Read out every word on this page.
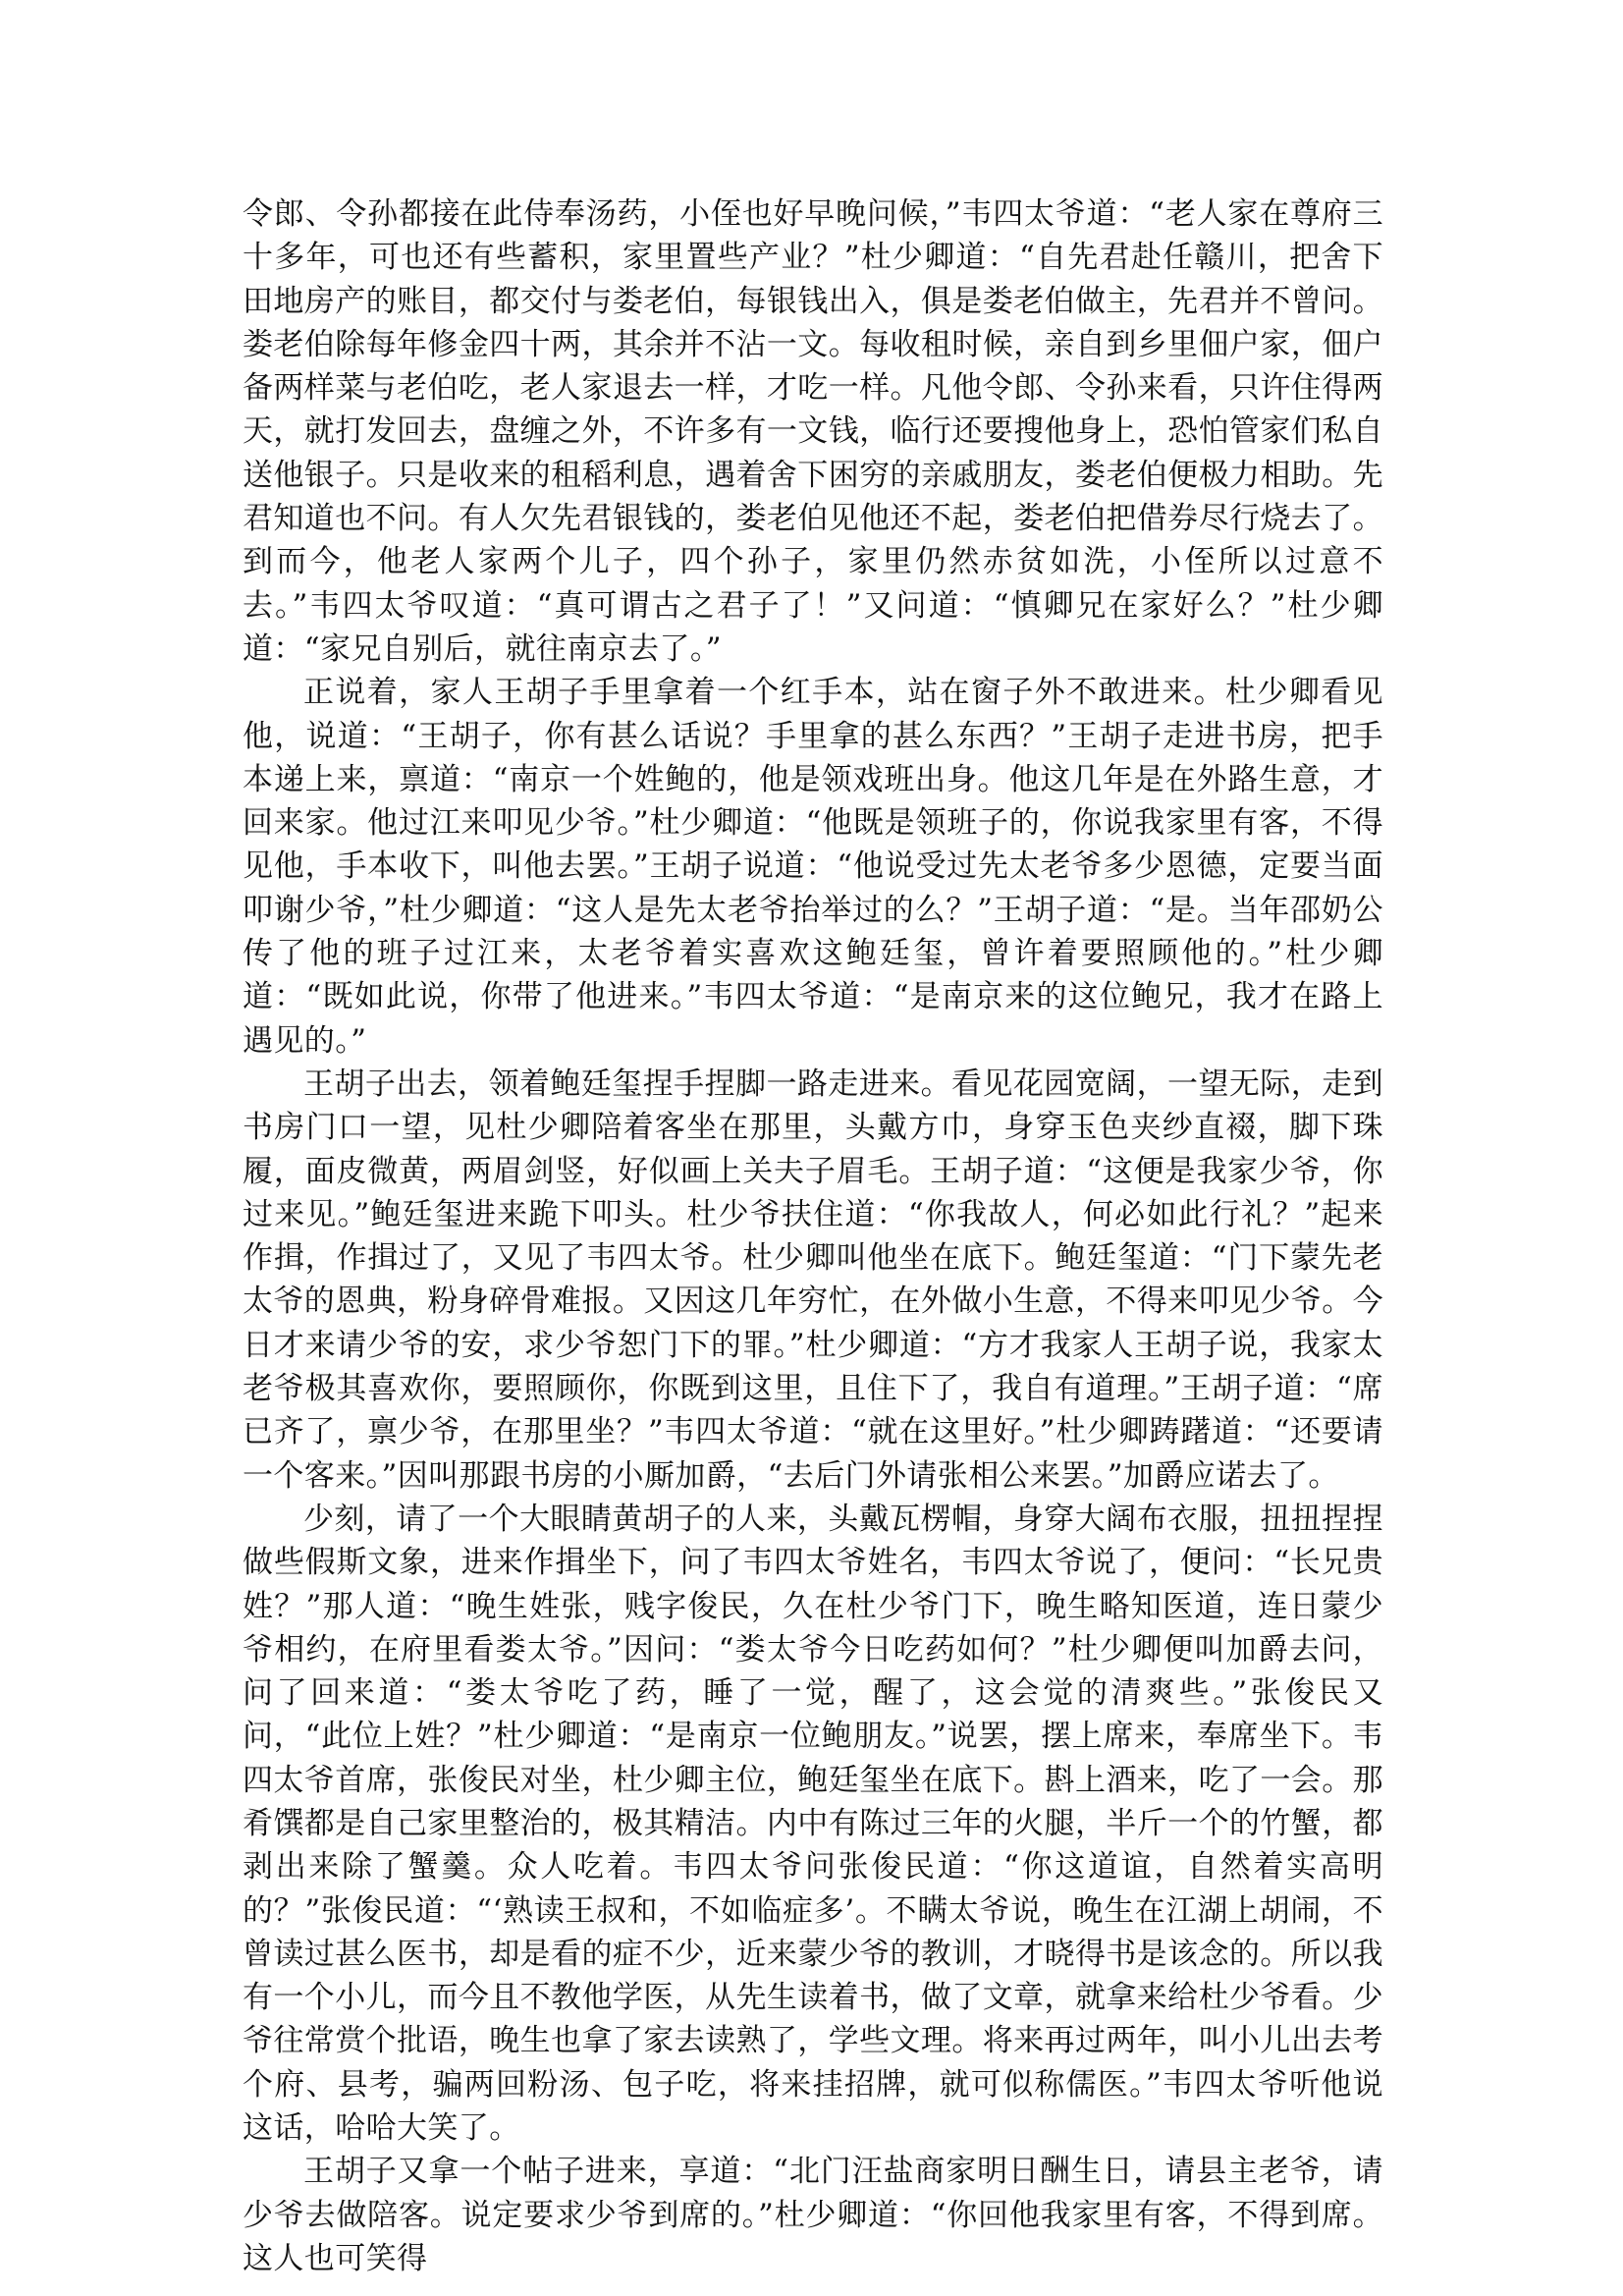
令郎、令孙都接在此侍奉汤药，小侄也好早晚问候，”韦四太爷道：“老人家在尊府三十多年，可也还有些蓄积，家里置些产业？”杜少卿道：“自先君赴任赣川，把舍下田地房产的账目，都交付与娄老伯，每银钱出入，俱是娄老伯做主，先君并不曾问。娄老伯除每年修金四十两，其余并不沾一文。每收租时候，亲自到乡里佃户家，佃户备两样菜与老伯吃，老人家退去一样，才吃一样。凡他令郎、令孙来看，只许住得两天，就打发回去，盘缠之外，不许多有一文钱，临行还要搜他身上，恐怕管家们私自送他银子。只是收来的租稻利息，遇着舍下困穷的亲戚朋友，娄老伯便极力相助。先君知道也不问。有人欠先君银钱的，娄老伯见他还不起，娄老伯把借券尽行烧去了。到而今，他老人家两个儿子，四个孙子，家里仍然赤贫如洗，小侄所以过意不去。”韦四太爷叹道：“真可谓古之君子了！”又问道：“慎卿兄在家好么？”杜少卿道：“家兄自别后，就往南京去了。”

正说着，家人王胡子手里拿着一个红手本，站在窗子外不敢进来。杜少卿看见他，说道：“王胡子，你有甚么话说？手里拿的甚么东西？”王胡子走进书房，把手本递上来，禀道：“南京一个姓鲍的，他是领戏班出身。他这几年是在外路生意，才回来家。他过江来叩见少爷。”杜少卿道：“他既是领班子的，你说我家里有客，不得见他，手本收下，叫他去罢。”王胡子说道：“他说受过先太老爷多少恩德，定要当面叩谢少爷，”杜少卿道：“这人是先太老爷抬举过的么？”王胡子道：“是。当年邵奶公传了他的班子过江来，太老爷着实喜欢这鲍廷玺，曾许着要照顾他的。”杜少卿道：“既如此说，你带了他进来。”韦四太爷道：“是南京来的这位鲍兄，我才在路上遇见的。”

王胡子出去，领着鲍廷玺捏手捏脚一路走进来。看见花园宽阔，一望无际，走到书房门口一望，见杜少卿陪着客坐在那里，头戴方巾，身穿玉色夹纱直裰，脚下珠履，面皮微黄，两眉剑竖，好似画上关夫子眉毛。王胡子道：“这便是我家少爷，你过来见。”鲍廷玺进来跪下叩头。杜少爷扶住道：“你我故人，何必如此行礼？”起来作揖，作揖过了，又见了韦四太爷。杜少卿叫他坐在底下。鲍廷玺道：“门下蒙先老太爷的恩典，粉身碎骨难报。又因这几年穷忙，在外做小生意，不得来叩见少爷。今日才来请少爷的安，求少爷恕门下的罪。”杜少卿道：“方才我家人王胡子说，我家太老爷极其喜欢你，要照顾你，你既到这里，且住下了，我自有道理。”王胡子道：“席已齐了，禀少爷，在那里坐？”韦四太爷道：“就在这里好。”杜少卿踌躇道：“还要请一个客来。”因叫那跟书房的小厮加爵，“去后门外请张相公来罢。”加爵应诺去了。

少刻，请了一个大眼睛黄胡子的人来，头戴瓦楞帽，身穿大阔布衣服，扭扭捏捏做些假斯文象，进来作揖坐下，问了韦四太爷姓名，韦四太爷说了，便问：“长兄贵姓？”那人道：“晚生姓张，贱字俊民，久在杜少爷门下，晚生略知医道，连日蒙少爷相约，在府里看娄太爷。”因问：“娄太爷今日吃药如何？”杜少卿便叫加爵去问，问了回来道：“娄太爷吃了药，睡了一觉，醒了，这会觉的清爽些。”张俊民又问，“此位上姓？”杜少卿道：“是南京一位鲍朋友。”说罢，摆上席来，奉席坐下。韦四太爷首席，张俊民对坐，杜少卿主位，鲍廷玺坐在底下。斟上酒来，吃了一会。那肴馔都是自己家里整治的，极其精洁。内中有陈过三年的火腿，半斤一个的竹蟹，都剥出来除了蟹羹。众人吃着。韦四太爷问张俊民道：“你这道谊，自然着实高明的？”张俊民道：“‘熟读王叔和，不如临症多’。不瞒太爷说，晚生在江湖上胡闹，不曾读过甚么医书，却是看的症不少，近来蒙少爷的教训，才晓得书是该念的。所以我有一个小儿，而今且不教他学医，从先生读着书，做了文章，就拿来给杜少爷看。少爷往常赏个批语，晚生也拿了家去读熟了，学些文理。将来再过两年，叫小儿出去考个府、县考，骗两回粉汤、包子吃，将来挂招牌，就可似称儒医。”韦四太爷听他说这话，哈哈大笑了。

王胡子又拿一个帖子进来，享道：“北门汪盐商家明日酬生日，请县主老爷，请少爷去做陪客。说定要求少爷到席的。”杜少卿道：“你回他我家里有客，不得到席。这人也可笑得
